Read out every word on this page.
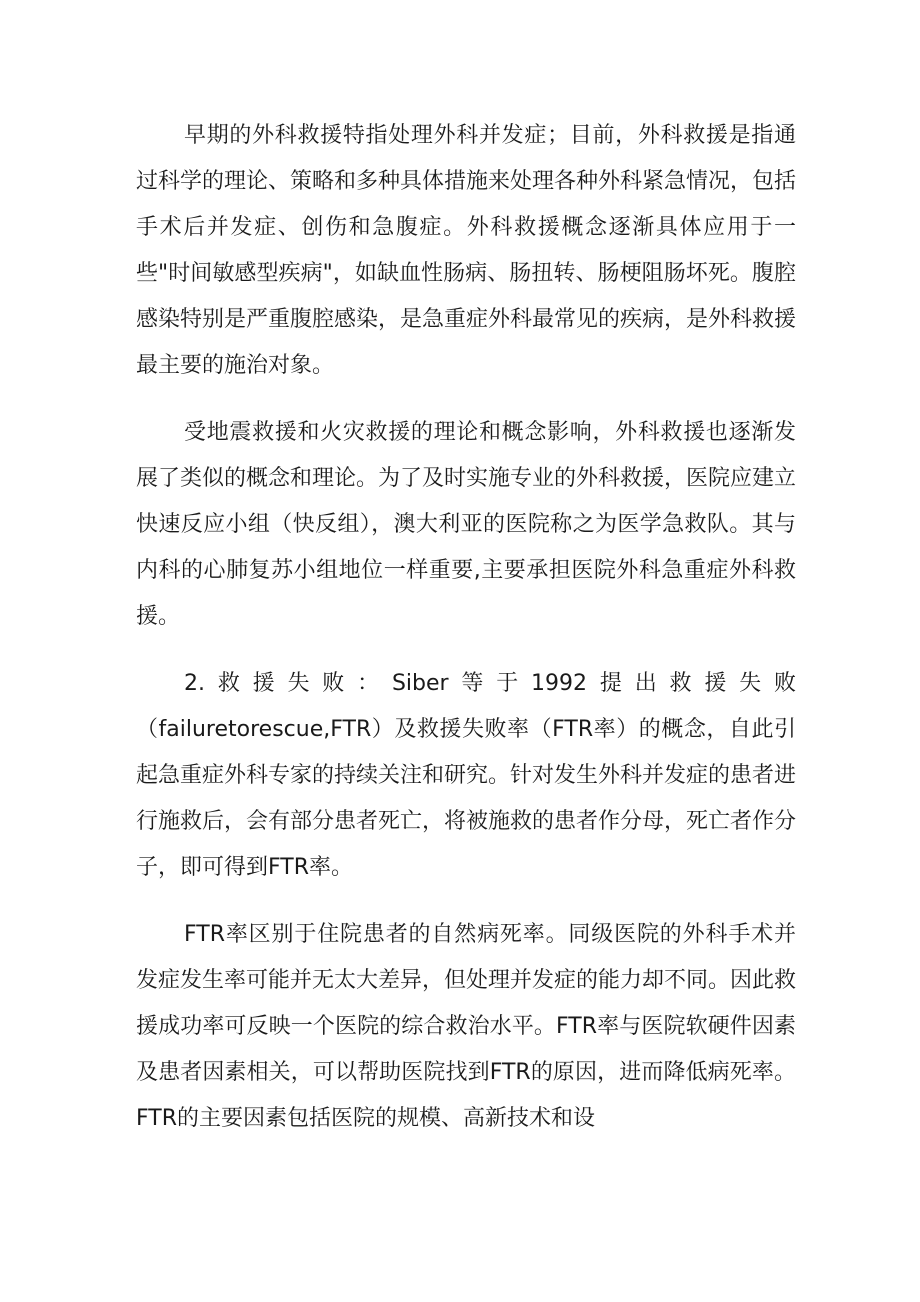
早期的外科救援特指处理外科并发症；目前，外科救援是指通过科学的理论、策略和多种具体措施来处理各种外科紧急情况，包括手术后并发症、创伤和急腹症。外科救援概念逐渐具体应用于一些"时间敏感型疾病"，如缺血性肠病、肠扭转、肠梗阻肠坏死。腹腔感染特别是严重腹腔感染，是急重症外科最常见的疾病，是外科救援最主要的施治对象。

受地震救援和火灾救援的理论和概念影响，外科救援也逐渐发展了类似的概念和理论。为了及时实施专业的外科救援，医院应建立快速反应小组（快反组），澳大利亚的医院称之为医学急救队。其与内科的心肺复苏小组地位一样重要,主要承担医院外科急重症外科救援。

2.救援失败：Siber等于1992提出救援失败（failuretorescue,FTR）及救援失败率（FTR率）的概念，自此引起急重症外科专家的持续关注和研究。针对发生外科并发症的患者进行施救后，会有部分患者死亡，将被施救的患者作分母，死亡者作分子，即可得到FTR率。

FTR率区别于住院患者的自然病死率。同级医院的外科手术并发症发生率可能并无太大差异，但处理并发症的能力却不同。因此救援成功率可反映一个医院的综合救治水平。FTR率与医院软硬件因素及患者因素相关，可以帮助医院找到FTR的原因，进而降低病死率。FTR的主要因素包括医院的规模、高新技术和设
